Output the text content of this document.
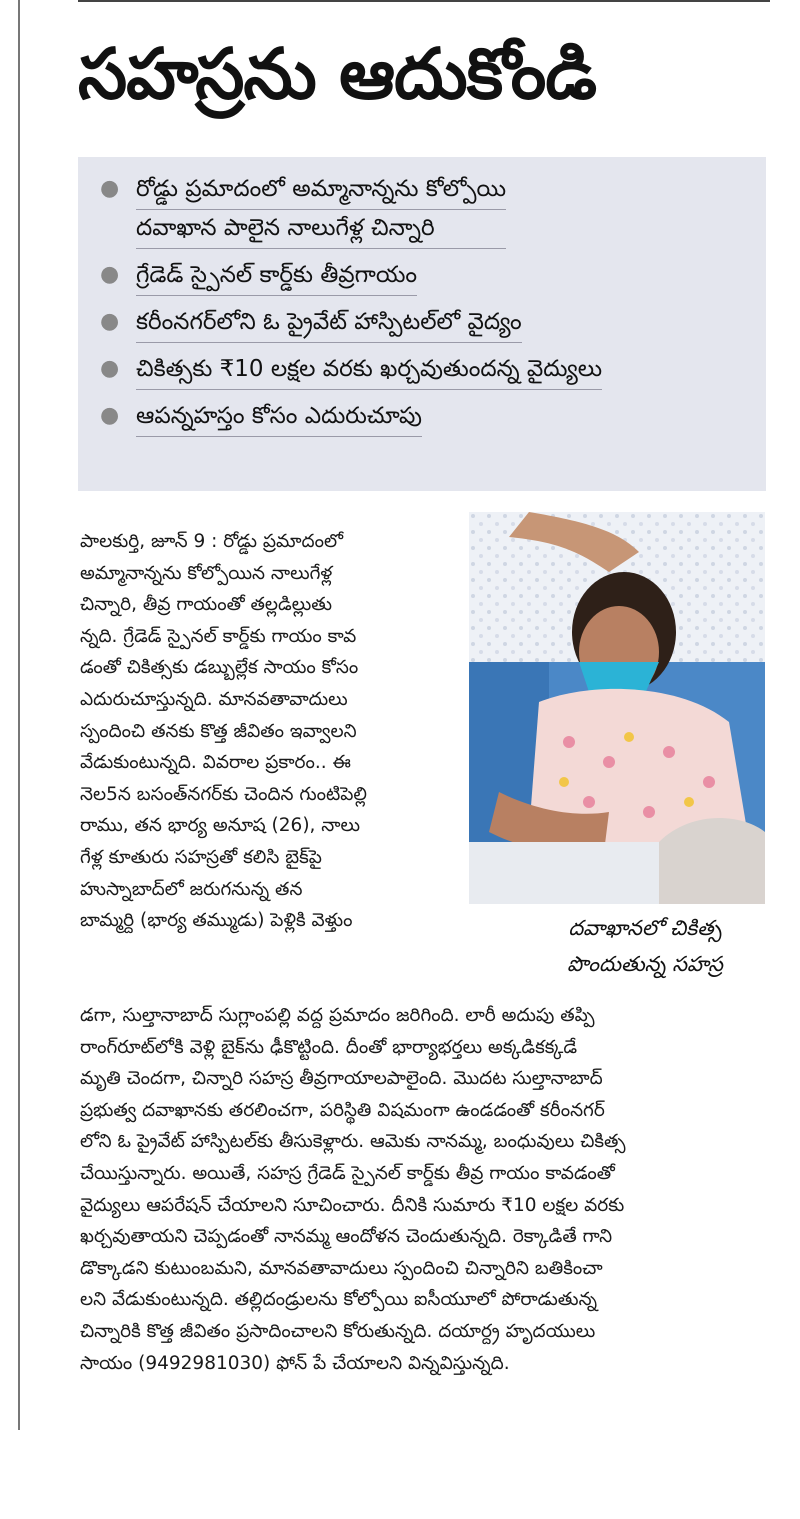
సహస్రను ఆదుకోండి
● రోడ్డు ప్రమాదంలో అమ్మానాన్నను కోల్పోయి
దవాఖాన పాలైన నాలుగేళ్ల చిన్నారి
● గ్రేడెడ్ స్పైనల్ కార్డ్‌కు తీవ్రగాయం
● కరీంనగర్‌లోని ఓ ప్రైవేట్ హాస్పిటల్‌లో వైద్యం
● చికిత్సకు ₹10 లక్షల వరకు ఖర్చవుతుందన్న వైద్యులు
● ఆపన్నహస్తం కోసం ఎదురుచూపు
దవాఖానలో చికిత్స
పొందుతున్న సహస్ర
పాలకుర్తి, జూన్ 9 : రోడ్డు ప్రమాదంలో
అమ్మానాన్నను కోల్పోయిన నాలుగేళ్ల
చిన్నారి, తీవ్ర గాయంతో తల్లడిల్లుతు
న్నది. గ్రేడెడ్ స్పైనల్ కార్డ్‌కు గాయం కావ
డంతో చికిత్సకు డబ్బుల్లేక సాయం కోసం
ఎదురుచూస్తున్నది. మానవతావాదులు
స్పందించి తనకు కొత్త జీవితం ఇవ్వాలని
వేడుకుంటున్నది. వివరాల ప్రకారం.. ఈ
నెల5న బసంత్‌నగర్‌కు చెందిన గుంటిపెల్లి
రాము, తన భార్య అనూష (26), నాలు
గేళ్ల కూతురు సహస్రతో కలిసి బైక్‌పై
హుస్నాబాద్‌లో జరుగనున్న తన
బామ్మర్ది (భార్య తమ్ముడు) పెళ్లికి వెళ్తుం
డగా, సుల్తానాబాద్ సుగ్లాంపల్లి వద్ద ప్రమాదం జరిగింది. లారీ అదుపు తప్పి
రాంగ్‌రూట్‌లోకి వెళ్లి బైక్‌ను ఢీకొట్టింది. దీంతో భార్యాభర్తలు అక్కడికక్కడే
మృతి చెందగా, చిన్నారి సహస్ర తీవ్రగాయాలపాలైంది. మొదట సుల్తానాబాద్
ప్రభుత్వ దవాఖానకు తరలించగా, పరిస్థితి విషమంగా ఉండడంతో కరీంనగర్
లోని ఓ ప్రైవేట్ హాస్పిటల్‌కు తీసుకెళ్లారు. ఆమెకు నానమ్మ, బంధువులు చికిత్స
చేయిస్తున్నారు. అయితే, సహస్ర గ్రేడెడ్ స్పైనల్ కార్డ్‌కు తీవ్ర గాయం కావడంతో
వైద్యులు ఆపరేషన్ చేయాలని సూచించారు. దీనికి సుమారు ₹10 లక్షల వరకు
ఖర్చవుతాయని చెప్పడంతో నానమ్మ ఆందోళన చెందుతున్నది. రెక్కాడితే గాని
డొక్కాడని కుటుంబమని, మానవతావాదులు స్పందించి చిన్నారిని బతికించా
లని వేడుకుంటున్నది. తల్లిదండ్రులను కోల్పోయి ఐసీయూలో పోరాడుతున్న
చిన్నారికి కొత్త జీవితం ప్రసాదించాలని కోరుతున్నది. దయార్ద్ర హృదయులు
సాయం (9492981030) ఫోన్ పే చేయాలని విన్నవిస్తున్నది.
